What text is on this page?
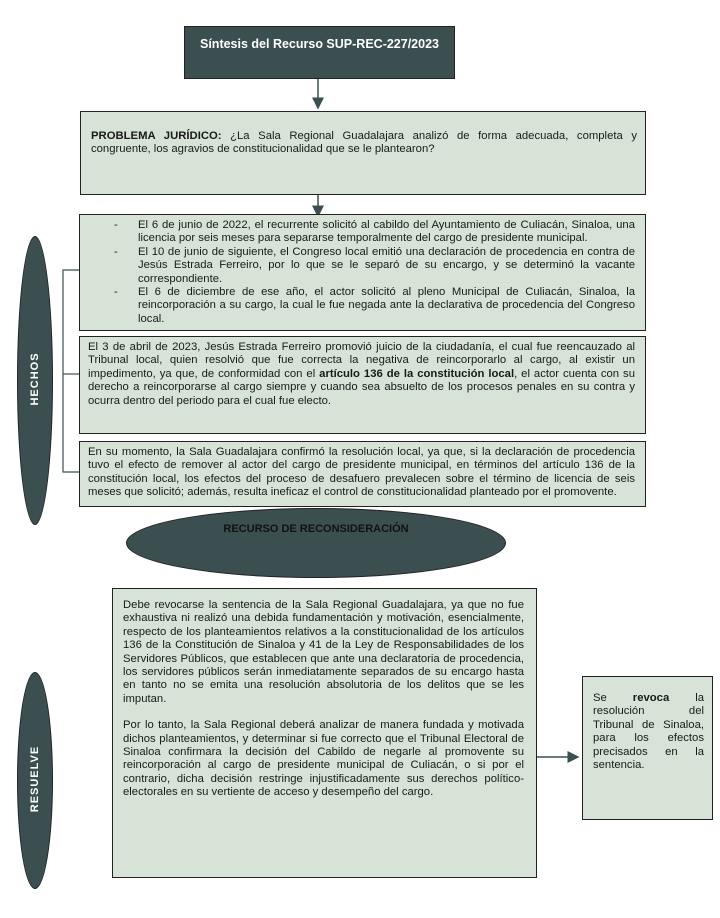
Síntesis del Recurso SUP-REC-227/2023
PROBLEMA JURÍDICO: ¿La Sala Regional Guadalajara analizó de forma adecuada, completa y congruente, los agravios de constitucionalidad que se le plantearon?
HECHOS
- El 6 de junio de 2022, el recurrente solicitó al cabildo del Ayuntamiento de Culiacán, Sinaloa, una licencia por seis meses para separarse temporalmente del cargo de presidente municipal.
- El 10 de junio de siguiente, el Congreso local emitió una declaración de procedencia en contra de Jesús Estrada Ferreiro, por lo que se le separó de su encargo, y se determinó la vacante correspondiente.
- El 6 de diciembre de ese año, el actor solicitó al pleno Municipal de Culiacán, Sinaloa, la reincorporación a su cargo, la cual le fue negada ante la declarativa de procedencia del Congreso local.
El 3 de abril de 2023, Jesús Estrada Ferreiro promovió juicio de la ciudadanía, el cual fue reencauzado al Tribunal local, quien resolvió que fue correcta la negativa de reincorporarlo al cargo, al existir un impedimento, ya que, de conformidad con el artículo 136 de la constitución local, el actor cuenta con su derecho a reincorporarse al cargo siempre y cuando sea absuelto de los procesos penales en su contra y ocurra dentro del periodo para el cual fue electo.
En su momento, la Sala Guadalajara confirmó la resolución local, ya que, si la declaración de procedencia tuvo el efecto de remover al actor del cargo de presidente municipal, en términos del artículo 136 de la constitución local, los efectos del proceso de desafuero prevalecen sobre el término de licencia de seis meses que solicitó; además, resulta ineficaz el control de constitucionalidad planteado por el promovente.
RECURSO DE RECONSIDERACIÓN
RESUELVE
Debe revocarse la sentencia de la Sala Regional Guadalajara, ya que no fue exhaustiva ni realizó una debida fundamentación y motivación, esencialmente, respecto de los planteamientos relativos a la constitucionalidad de los artículos 136 de la Constitución de Sinaloa y 41 de la Ley de Responsabilidades de los Servidores Públicos, que establecen que ante una declaratoria de procedencia, los servidores públicos serán inmediatamente separados de su encargo hasta en tanto no se emita una resolución absolutoria de los delitos que se les imputan.
Por lo tanto, la Sala Regional deberá analizar de manera fundada y motivada dichos planteamientos, y determinar si fue correcto que el Tribunal Electoral de Sinaloa confirmara la decisión del Cabildo de negarle al promovente su reincorporación al cargo de presidente municipal de Culiacán, o si por el contrario, dicha decisión restringe injustificadamente sus derechos político-electorales en su vertiente de acceso y desempeño del cargo.
Se revoca la resolución del Tribunal de Sinaloa, para los efectos precisados en la sentencia.
